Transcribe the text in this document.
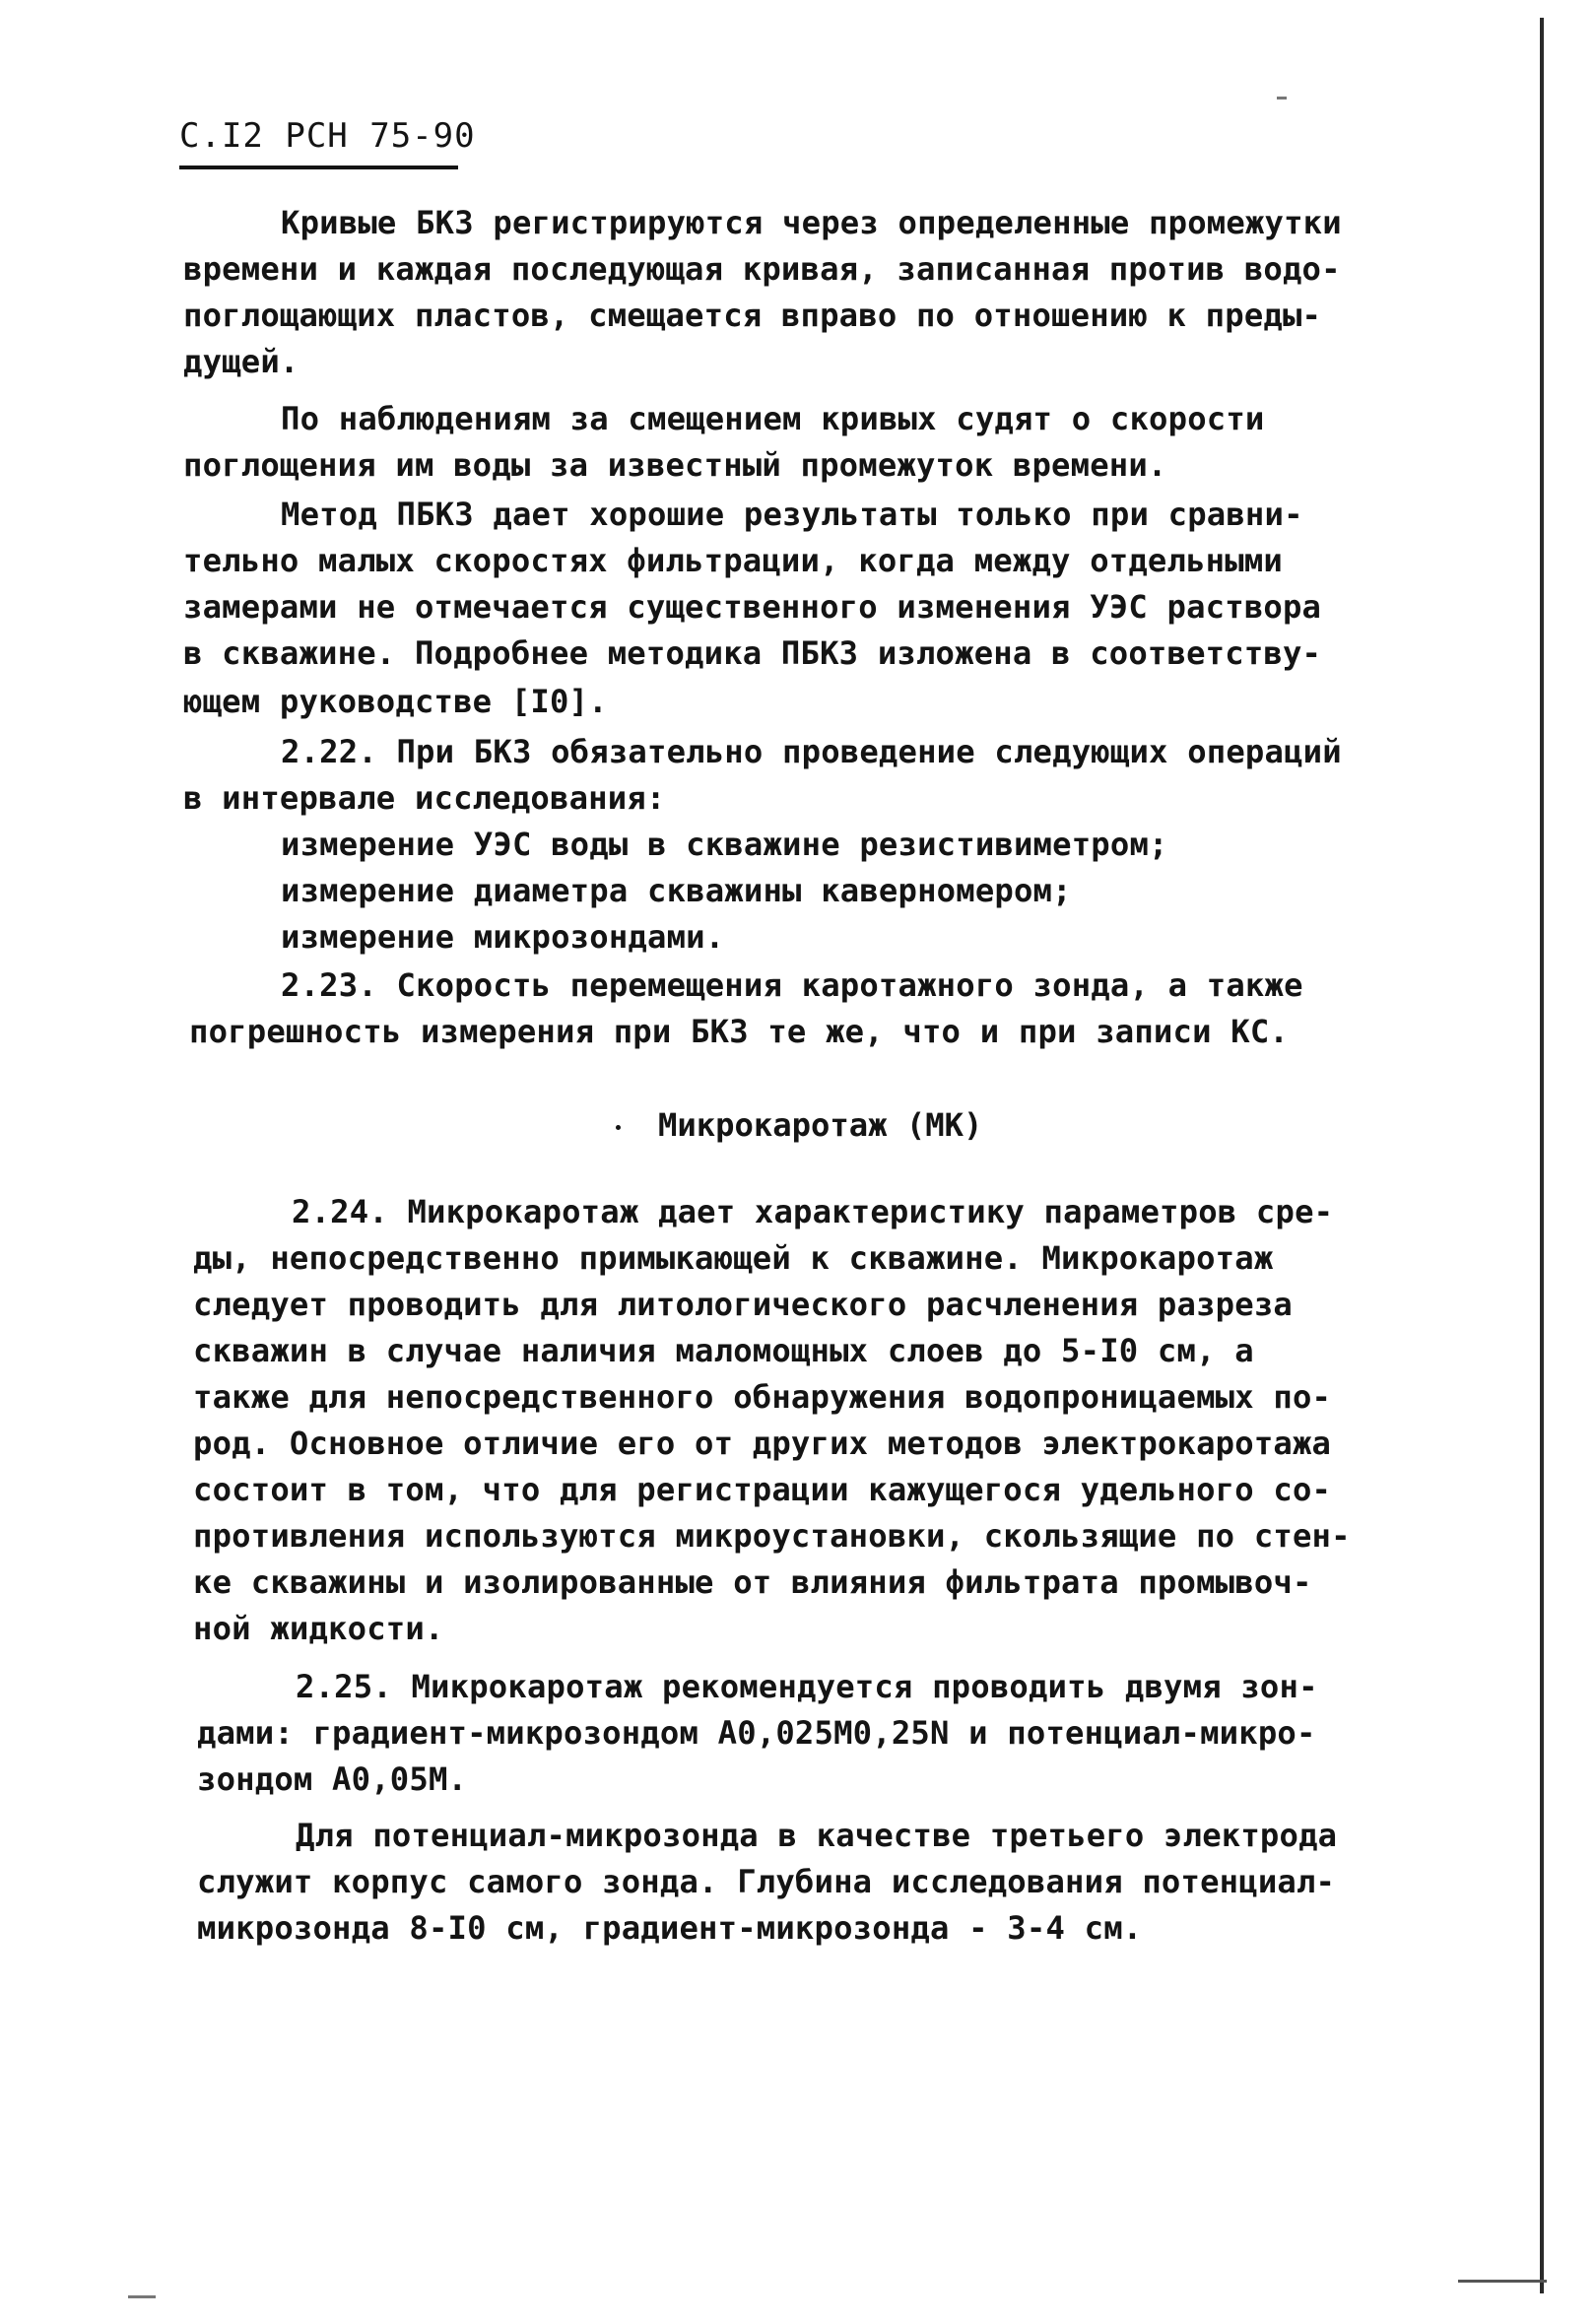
С.I2 РСН 75-90
Кривые БКЗ регистрируются через определенные промежутки
времени и каждая последующая кривая, записанная против водо-
поглощающих пластов, смещается вправо по отношению к преды-
дущей.
По наблюдениям за смещением кривых судят о скорости
поглощения им воды за известный промежуток времени.
Метод ПБКЗ дает хорошие результаты только при сравни-
тельно малых скоростях фильтрации, когда между отдельными
замерами не отмечается существенного изменения УЭС раствора
в скважине. Подробнее методика ПБКЗ изложена в соответству-
ющем руководстве [I0].
2.22. При БКЗ обязательно проведение следующих операций
в интервале исследования:
измерение УЭС воды в скважине резистивиметром;
измерение диаметра скважины каверномером;
измерение микрозондами.
2.23. Скорость перемещения каротажного зонда, а также
погрешность измерения при БКЗ те же, что и при записи КС.
Микрокаротаж (МК)
2.24. Микрокаротаж дает характеристику параметров сре-
ды, непосредственно примыкающей к скважине. Микрокаротаж
следует проводить для литологического расчленения разреза
скважин в случае наличия маломощных слоев до 5-I0 см, а
также для непосредственного обнаружения водопроницаемых по-
род. Основное отличие его от других методов электрокаротажа
состоит в том, что для регистрации кажущегося удельного со-
противления используются микроустановки, скользящие по стен-
ке скважины и изолированные от влияния фильтрата промывоч-
ной жидкости.
2.25. Микрокаротаж рекомендуется проводить двумя зон-
дами: градиент-микрозондом А0,025М0,25N и потенциал-микро-
зондом А0,05М.
Для потенциал-микрозонда в качестве третьего электрода
служит корпус самого зонда. Глубина исследования потенциал-
микрозонда 8-I0 см, градиент-микрозонда - 3-4 см.
